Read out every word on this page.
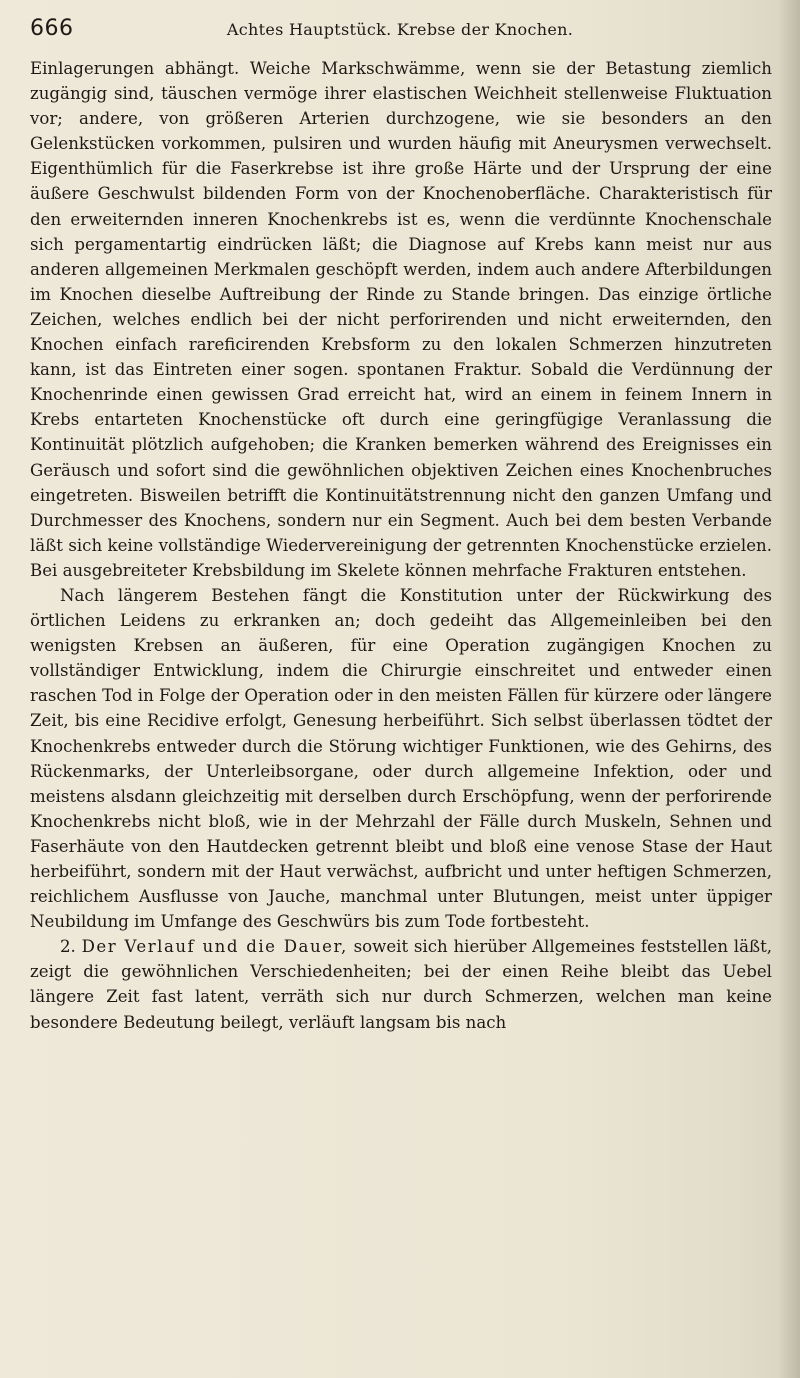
666	Achtes Hauptstück. Krebse der Knochen.

Einlagerungen abhängt. Weiche Markschwämme, wenn sie der Betastung ziemlich zugängig sind, täuschen vermöge ihrer elastischen Weichheit stellenweise Fluktuation vor; andere, von größeren Arterien durchzogene, wie sie besonders an den Gelenkstücken vorkommen, pulsiren und wurden häufig mit Aneurysmen verwechselt. Eigenthümlich für die Faserkrebse ist ihre große Härte und der Ursprung der eine äußere Geschwulst bildenden Form von der Knochenoberfläche. Charakteristisch für den erweiternden inneren Knochenkrebs ist es, wenn die verdünnte Knochenschale sich pergamentartig eindrücken läßt; die Diagnose auf Krebs kann meist nur aus anderen allgemeinen Merkmalen geschöpft werden, indem auch andere Afterbildungen im Knochen dieselbe Auftreibung der Rinde zu Stande bringen. Das einzige örtliche Zeichen, welches endlich bei der nicht perforirenden und nicht erweiternden, den Knochen einfach rareficirenden Krebsform zu den lokalen Schmerzen hinzutreten kann, ist das Eintreten einer sogen. spontanen Fraktur. Sobald die Verdünnung der Knochenrinde einen gewissen Grad erreicht hat, wird an einem in feinem Innern in Krebs entarteten Knochenstücke oft durch eine geringfügige Veranlassung die Kontinuität plötzlich aufgehoben; die Kranken bemerken während des Ereignisses ein Geräusch und sofort sind die gewöhnlichen objektiven Zeichen eines Knochenbruches eingetreten. Bisweilen betrifft die Kontinuitätstrennung nicht den ganzen Umfang und Durchmesser des Knochens, sondern nur ein Segment. Auch bei dem besten Verbande läßt sich keine vollständige Wiedervereinigung der getrennten Knochenstücke erzielen. Bei ausgebreiteter Krebsbildung im Skelete können mehrfache Frakturen entstehen.

Nach längerem Bestehen fängt die Konstitution unter der Rückwirkung des örtlichen Leidens zu erkranken an; doch gedeiht das Allgemeinleiben bei den wenigsten Krebsen an äußeren, für eine Operation zugängigen Knochen zu vollständiger Entwicklung, indem die Chirurgie einschreitet und entweder einen raschen Tod in Folge der Operation oder in den meisten Fällen für kürzere oder längere Zeit, bis eine Recidive erfolgt, Genesung herbeiführt. Sich selbst überlassen tödtet der Knochenkrebs entweder durch die Störung wichtiger Funktionen, wie des Gehirns, des Rückenmarks, der Unterleibsorgane, oder durch allgemeine Infektion, oder und meistens alsdann gleichzeitig mit derselben durch Erschöpfung, wenn der perforirende Knochenkrebs nicht bloß, wie in der Mehrzahl der Fälle durch Muskeln, Sehnen und Faserhäute von den Hautdecken getrennt bleibt und bloß eine venose Stase der Haut herbeiführt, sondern mit der Haut verwächst, aufbricht und unter heftigen Schmerzen, reichlichem Ausflusse von Jauche, manchmal unter Blutungen, meist unter üppiger Neubildung im Umfange des Geschwürs bis zum Tode fortbesteht.

2. Der Verlauf und die Dauer, soweit sich hierüber Allgemeines feststellen läßt, zeigt die gewöhnlichen Verschiedenheiten; bei der einen Reihe bleibt das Uebel längere Zeit fast latent, verräth sich nur durch Schmerzen, welchen man keine besondere Bedeutung beilegt, verläuft langsam bis nach
